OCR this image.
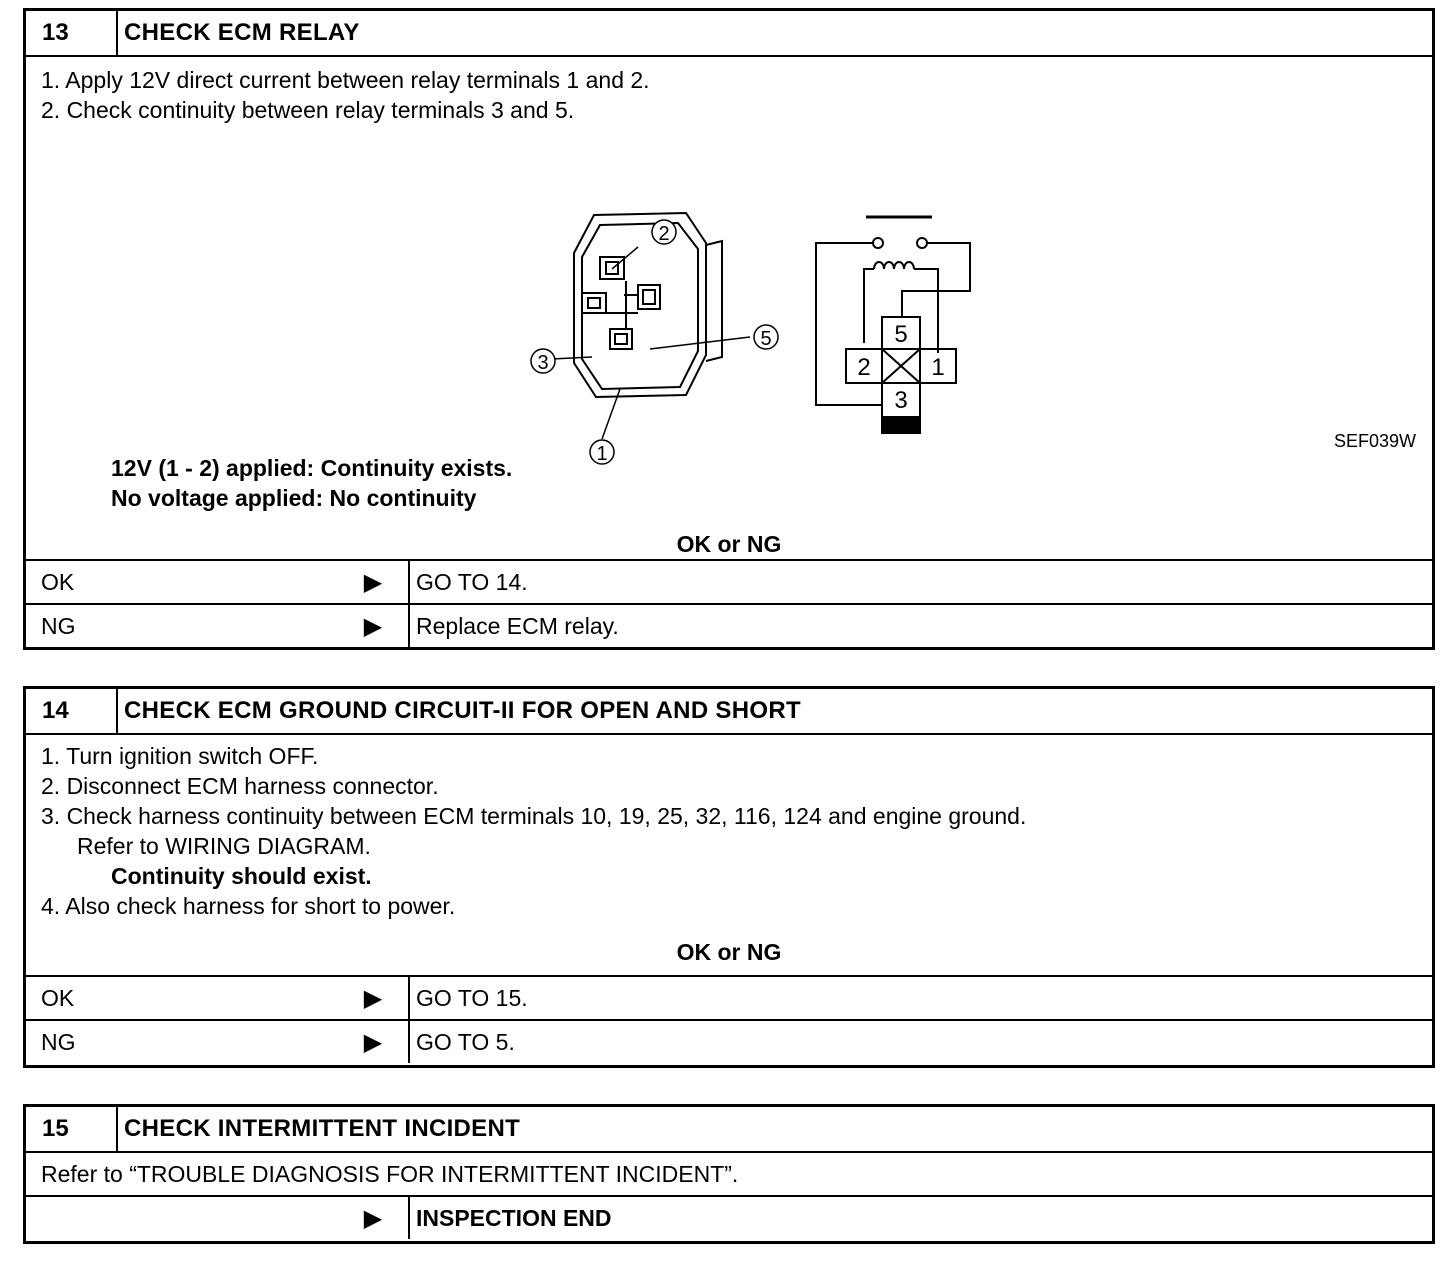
13	CHECK ECM RELAY
1. Apply 12V direct current between relay terminals 1 and 2.
2. Check continuity between relay terminals 3 and 5.
2
3
5
1
5
2	1
3
SEF039W
12V (1 - 2) applied: Continuity exists.
No voltage applied: No continuity
OK or NG
OK	▶	GO TO 14.
NG	▶	Replace ECM relay.
14	CHECK ECM GROUND CIRCUIT-II FOR OPEN AND SHORT
1. Turn ignition switch OFF.
2. Disconnect ECM harness connector.
3. Check harness continuity between ECM terminals 10, 19, 25, 32, 116, 124 and engine ground.
Refer to WIRING DIAGRAM.
Continuity should exist.
4. Also check harness for short to power.
OK or NG
OK	▶	GO TO 15.
NG	▶	GO TO 5.
15	CHECK INTERMITTENT INCIDENT
Refer to “TROUBLE DIAGNOSIS FOR INTERMITTENT INCIDENT”.
▶	INSPECTION END
